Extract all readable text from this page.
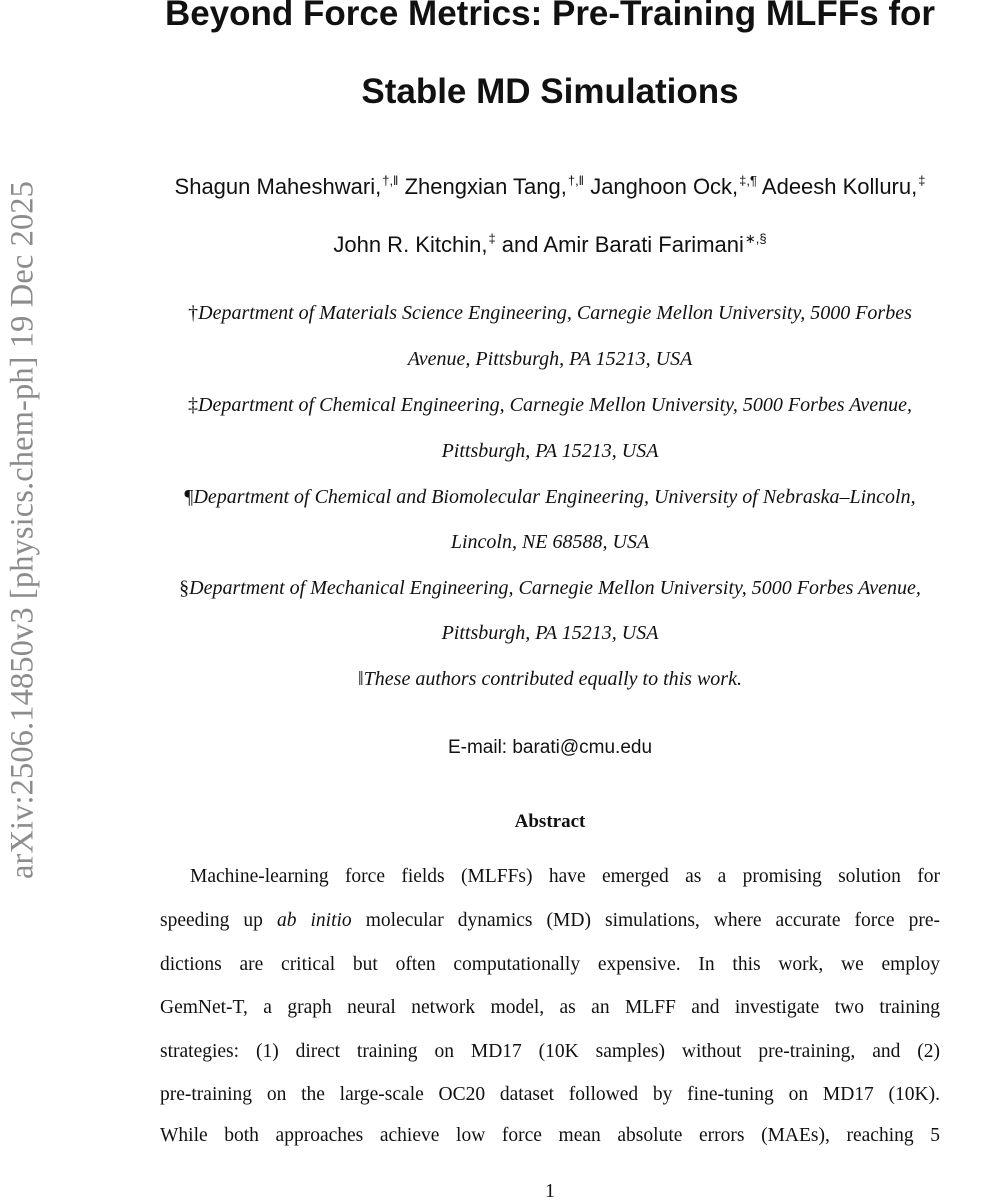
arXiv:2506.14850v3 [physics.chem-ph] 19 Dec 2025
Beyond Force Metrics: Pre-Training MLFFs for
Stable MD Simulations
Shagun Maheshwari,†,‖ Zhengxian Tang,†,‖ Janghoon Ock,‡,¶ Adeesh Kolluru,‡
John R. Kitchin,‡ and Amir Barati Farimani∗,§
†Department of Materials Science Engineering, Carnegie Mellon University, 5000 Forbes
Avenue, Pittsburgh, PA 15213, USA
‡Department of Chemical Engineering, Carnegie Mellon University, 5000 Forbes Avenue,
Pittsburgh, PA 15213, USA
¶Department of Chemical and Biomolecular Engineering, University of Nebraska–Lincoln,
Lincoln, NE 68588, USA
§Department of Mechanical Engineering, Carnegie Mellon University, 5000 Forbes Avenue,
Pittsburgh, PA 15213, USA
‖These authors contributed equally to this work.
E-mail: barati@cmu.edu
Abstract
Machine-learning force fields (MLFFs) have emerged as a promising solution for
speeding up ab initio molecular dynamics (MD) simulations, where accurate force pre-
dictions are critical but often computationally expensive. In this work, we employ
GemNet-T, a graph neural network model, as an MLFF and investigate two training
strategies: (1) direct training on MD17 (10K samples) without pre-training, and (2)
pre-training on the large-scale OC20 dataset followed by fine-tuning on MD17 (10K).
While both approaches achieve low force mean absolute errors (MAEs), reaching 5
1
